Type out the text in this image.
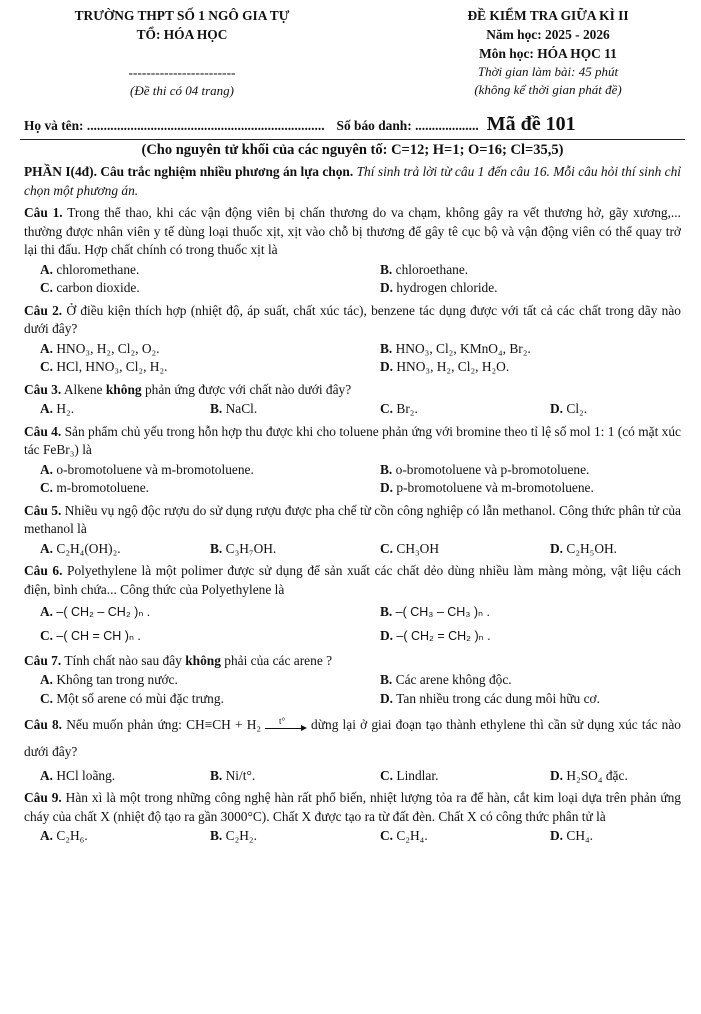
TRƯỜNG THPT SỐ 1 NGÔ GIA TỰ
TỔ: HÓA HỌC
------------------------
(Đề thi có 04 trang)
ĐỀ KIỂM TRA GIỮA KÌ II
Năm học: 2025 - 2026
Môn học: HÓA HỌC 11
Thời gian làm bài: 45 phút
(không kể thời gian phát đề)
Họ và tên: ....................................................................... Số báo danh: ................... Mã đề 101
(Cho nguyên tử khối của các nguyên tố: C=12; H=1; O=16; Cl=35,5)
PHẦN I(4đ). Câu trắc nghiệm nhiều phương án lựa chọn. Thí sinh trả lời từ câu 1 đến câu 16. Mỗi câu hỏi thí sinh chỉ chọn một phương án.
Câu 1. Trong thể thao, khi các vận động viên bị chấn thương do va chạm, không gây ra vết thương hở, gãy xương,... thường được nhân viên y tế dùng loại thuốc xịt, xịt vào chỗ bị thương để gây tê cục bộ và vận động viên có thể quay trở lại thi đấu. Hợp chất chính có trong thuốc xịt là
A. chloromethane.	B. chloroethane.
C. carbon dioxide.	D. hydrogen chloride.
Câu 2. Ở điều kiện thích hợp (nhiệt độ, áp suất, chất xúc tác), benzene tác dụng được với tất cả các chất trong dãy nào dưới đây?
A. HNO₃, H₂, Cl₂, O₂.	B. HNO₃, Cl₂, KMnO₄, Br₂.
C. HCl, HNO₃, Cl₂, H₂.	D. HNO₃, H₂, Cl₂, H₂O.
Câu 3. Alkene không phản ứng được với chất nào dưới đây?
A. H₂.	B. NaCl.	C. Br₂.	D. Cl₂.
Câu 4. Sản phẩm chủ yếu trong hỗn hợp thu được khi cho toluene phản ứng với bromine theo tỉ lệ số mol 1: 1 (có mặt xúc tác FeBr₃) là
A. o-bromotoluene và m-bromotoluene.	B. o-bromotoluene và p-bromotoluene.
C. m-bromotoluene.	D. p-bromotoluene và m-bromotoluene.
Câu 5. Nhiều vụ ngộ độc rượu do sử dụng rượu được pha chế từ cồn công nghiệp có lẫn methanol. Công thức phân tử của methanol là
A. C₂H₄(OH)₂.	B. C₃H₇OH.	C. CH₃OH	D. C₂H₅OH.
Câu 6. Polyethylene là một polimer được sử dụng để sản xuất các chất dẻo dùng nhiều làm màng mỏng, vật liệu cách điện, bình chứa... Công thức của Polyethylene là
A. –( CH₂ – CH₂ )ₙ .	B. –( CH₃ – CH₃ )ₙ .
C. –( CH = CH )ₙ .	D. –( CH₂ = CH₂ )ₙ .
Câu 7. Tính chất nào sau đây không phải của các arene ?
A. Không tan trong nước.	B. Các arene không độc.
C. Một số arene có mùi đặc trưng.	D. Tan nhiều trong các dung môi hữu cơ.
Câu 8. Nếu muốn phản ứng: CH≡CH + H₂ t° dừng lại ở giai đoạn tạo thành ethylene thì cần sử dụng xúc tác nào dưới đây?
A. HCl loãng.	B. Ni/t°.	C. Lindlar.	D. H₂SO₄ đặc.
Câu 9. Hàn xì là một trong những công nghệ hàn rất phổ biến, nhiệt lượng tỏa ra để hàn, cắt kim loại dựa trên phản ứng cháy của chất X (nhiệt độ tạo ra gần 3000°C). Chất X được tạo ra từ đất đèn. Chất X có công thức phân tử là
A. C₂H₆.	B. C₂H₂.	C. C₂H₄.	D. CH₄.
